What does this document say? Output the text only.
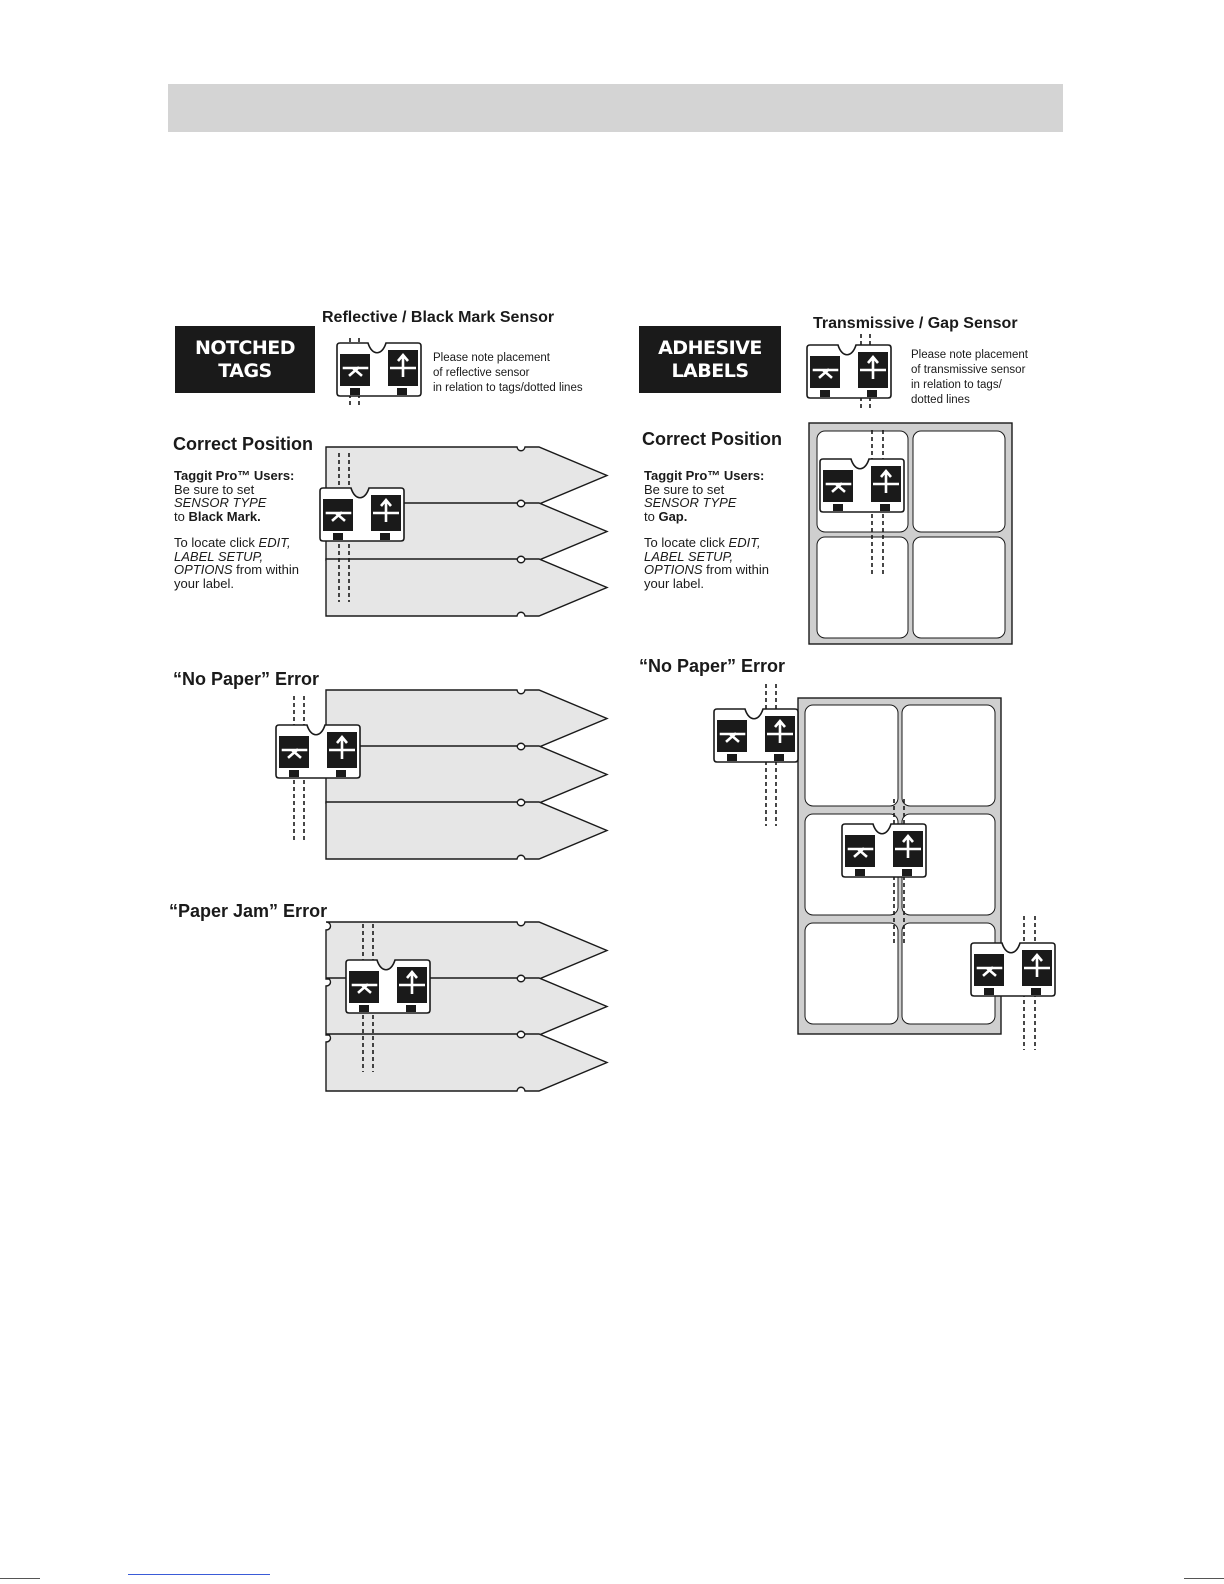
NOTCHED
TAGS
Reflective / Black Mark Sensor
Please note placement
of reflective sensor
in relation to tags/dotted lines
Correct Position
Taggit Pro™ Users:
Be sure to set
SENSOR TYPE
to Black Mark.
To locate click EDIT,
LABEL SETUP,
OPTIONS from within
your label.
“No Paper” Error
“Paper Jam” Error
ADHESIVE
LABELS
Transmissive / Gap Sensor
Please note placement
of transmissive sensor
in relation to tags/
dotted lines
Correct Position
Taggit Pro™ Users:
Be sure to set
SENSOR TYPE
to Gap.
To locate click EDIT,
LABEL SETUP,
OPTIONS from within
your label.
“No Paper” Error
